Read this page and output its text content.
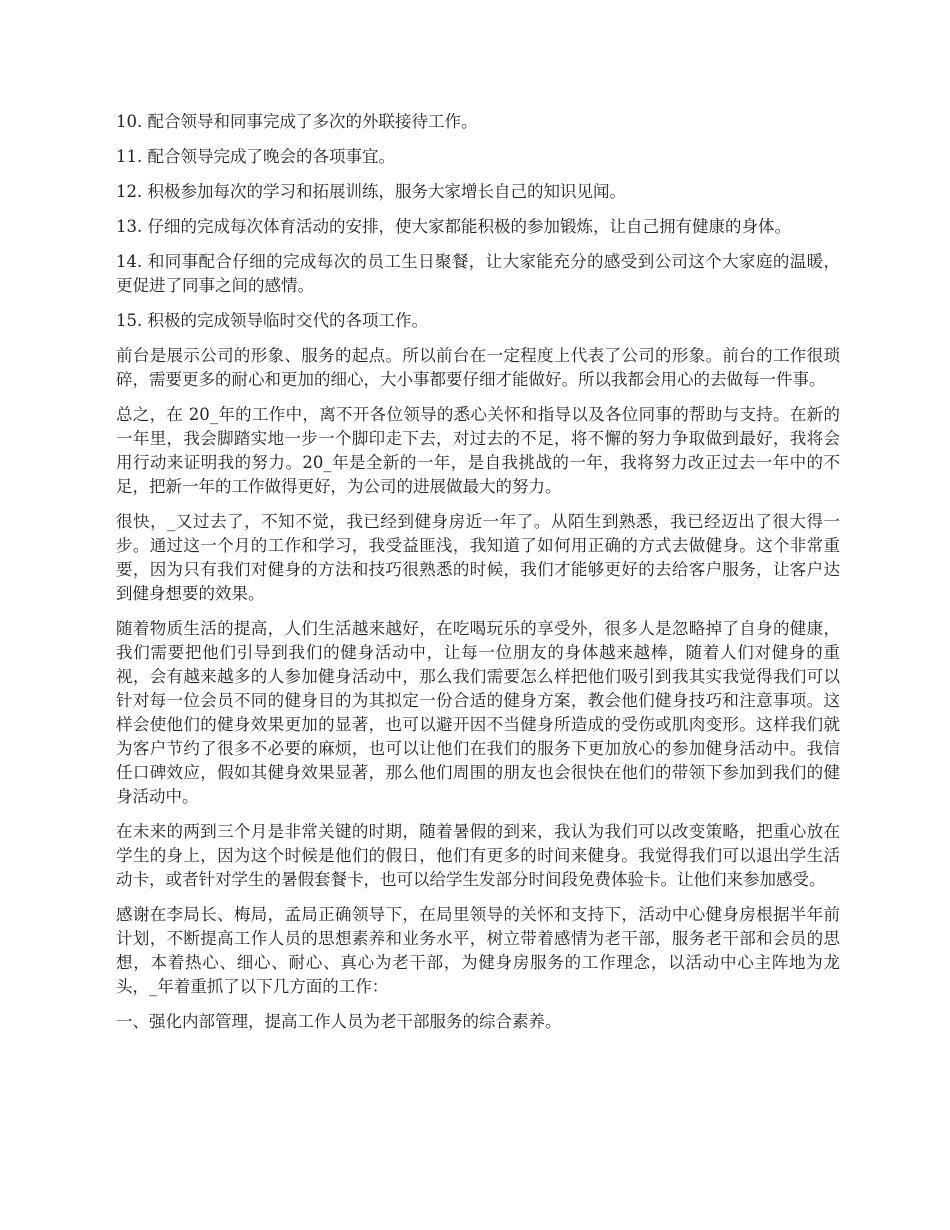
10. 配合领导和同事完成了多次的外联接待工作。

11. 配合领导完成了晚会的各项事宜。

12. 积极参加每次的学习和拓展训练，服务大家增长自己的知识见闻。

13. 仔细的完成每次体育活动的安排，使大家都能积极的参加锻炼，让自己拥有健康的身体。

14. 和同事配合仔细的完成每次的员工生日聚餐，让大家能充分的感受到公司这个大家庭的温暖，更促进了同事之间的感情。

15. 积极的完成领导临时交代的各项工作。

前台是展示公司的形象、服务的起点。所以前台在一定程度上代表了公司的形象。前台的工作很琐碎，需要更多的耐心和更加的细心，大小事都要仔细才能做好。所以我都会用心的去做每一件事。

总之，在 20_年的工作中，离不开各位领导的悉心关怀和指导以及各位同事的帮助与支持。在新的一年里，我会脚踏实地一步一个脚印走下去，对过去的不足，将不懈的努力争取做到最好，我将会用行动来证明我的努力。20_年是全新的一年，是自我挑战的一年，我将努力改正过去一年中的不足，把新一年的工作做得更好，为公司的进展做最大的努力。

很快，_又过去了，不知不觉，我已经到健身房近一年了。从陌生到熟悉，我已经迈出了很大得一步。通过这一个月的工作和学习，我受益匪浅，我知道了如何用正确的方式去做健身。这个非常重要，因为只有我们对健身的方法和技巧很熟悉的时候，我们才能够更好的去给客户服务，让客户达到健身想要的效果。

随着物质生活的提高，人们生活越来越好，在吃喝玩乐的享受外，很多人是忽略掉了自身的健康，我们需要把他们引导到我们的健身活动中，让每一位朋友的身体越来越棒，随着人们对健身的重视，会有越来越多的人参加健身活动中，那么我们需要怎么样把他们吸引到我其实我觉得我们可以针对每一位会员不同的健身目的为其拟定一份合适的健身方案，教会他们健身技巧和注意事项。这样会使他们的健身效果更加的显著，也可以避开因不当健身所造成的受伤或肌肉变形。这样我们就为客户节约了很多不必要的麻烦，也可以让他们在我们的服务下更加放心的参加健身活动中。我信任口碑效应，假如其健身效果显著，那么他们周围的朋友也会很快在他们的带领下参加到我们的健身活动中。

在未来的两到三个月是非常关键的时期，随着暑假的到来，我认为我们可以改变策略，把重心放在学生的身上，因为这个时候是他们的假日，他们有更多的时间来健身。我觉得我们可以退出学生活动卡，或者针对学生的暑假套餐卡，也可以给学生发部分时间段免费体验卡。让他们来参加感受。

感谢在李局长、梅局，孟局正确领导下，在局里领导的关怀和支持下，活动中心健身房根据半年前计划，不断提高工作人员的思想素养和业务水平，树立带着感情为老干部，服务老干部和会员的思想，本着热心、细心、耐心、真心为老干部，为健身房服务的工作理念，以活动中心主阵地为龙头，_年着重抓了以下几方面的工作：

一、强化内部管理，提高工作人员为老干部服务的综合素养。
